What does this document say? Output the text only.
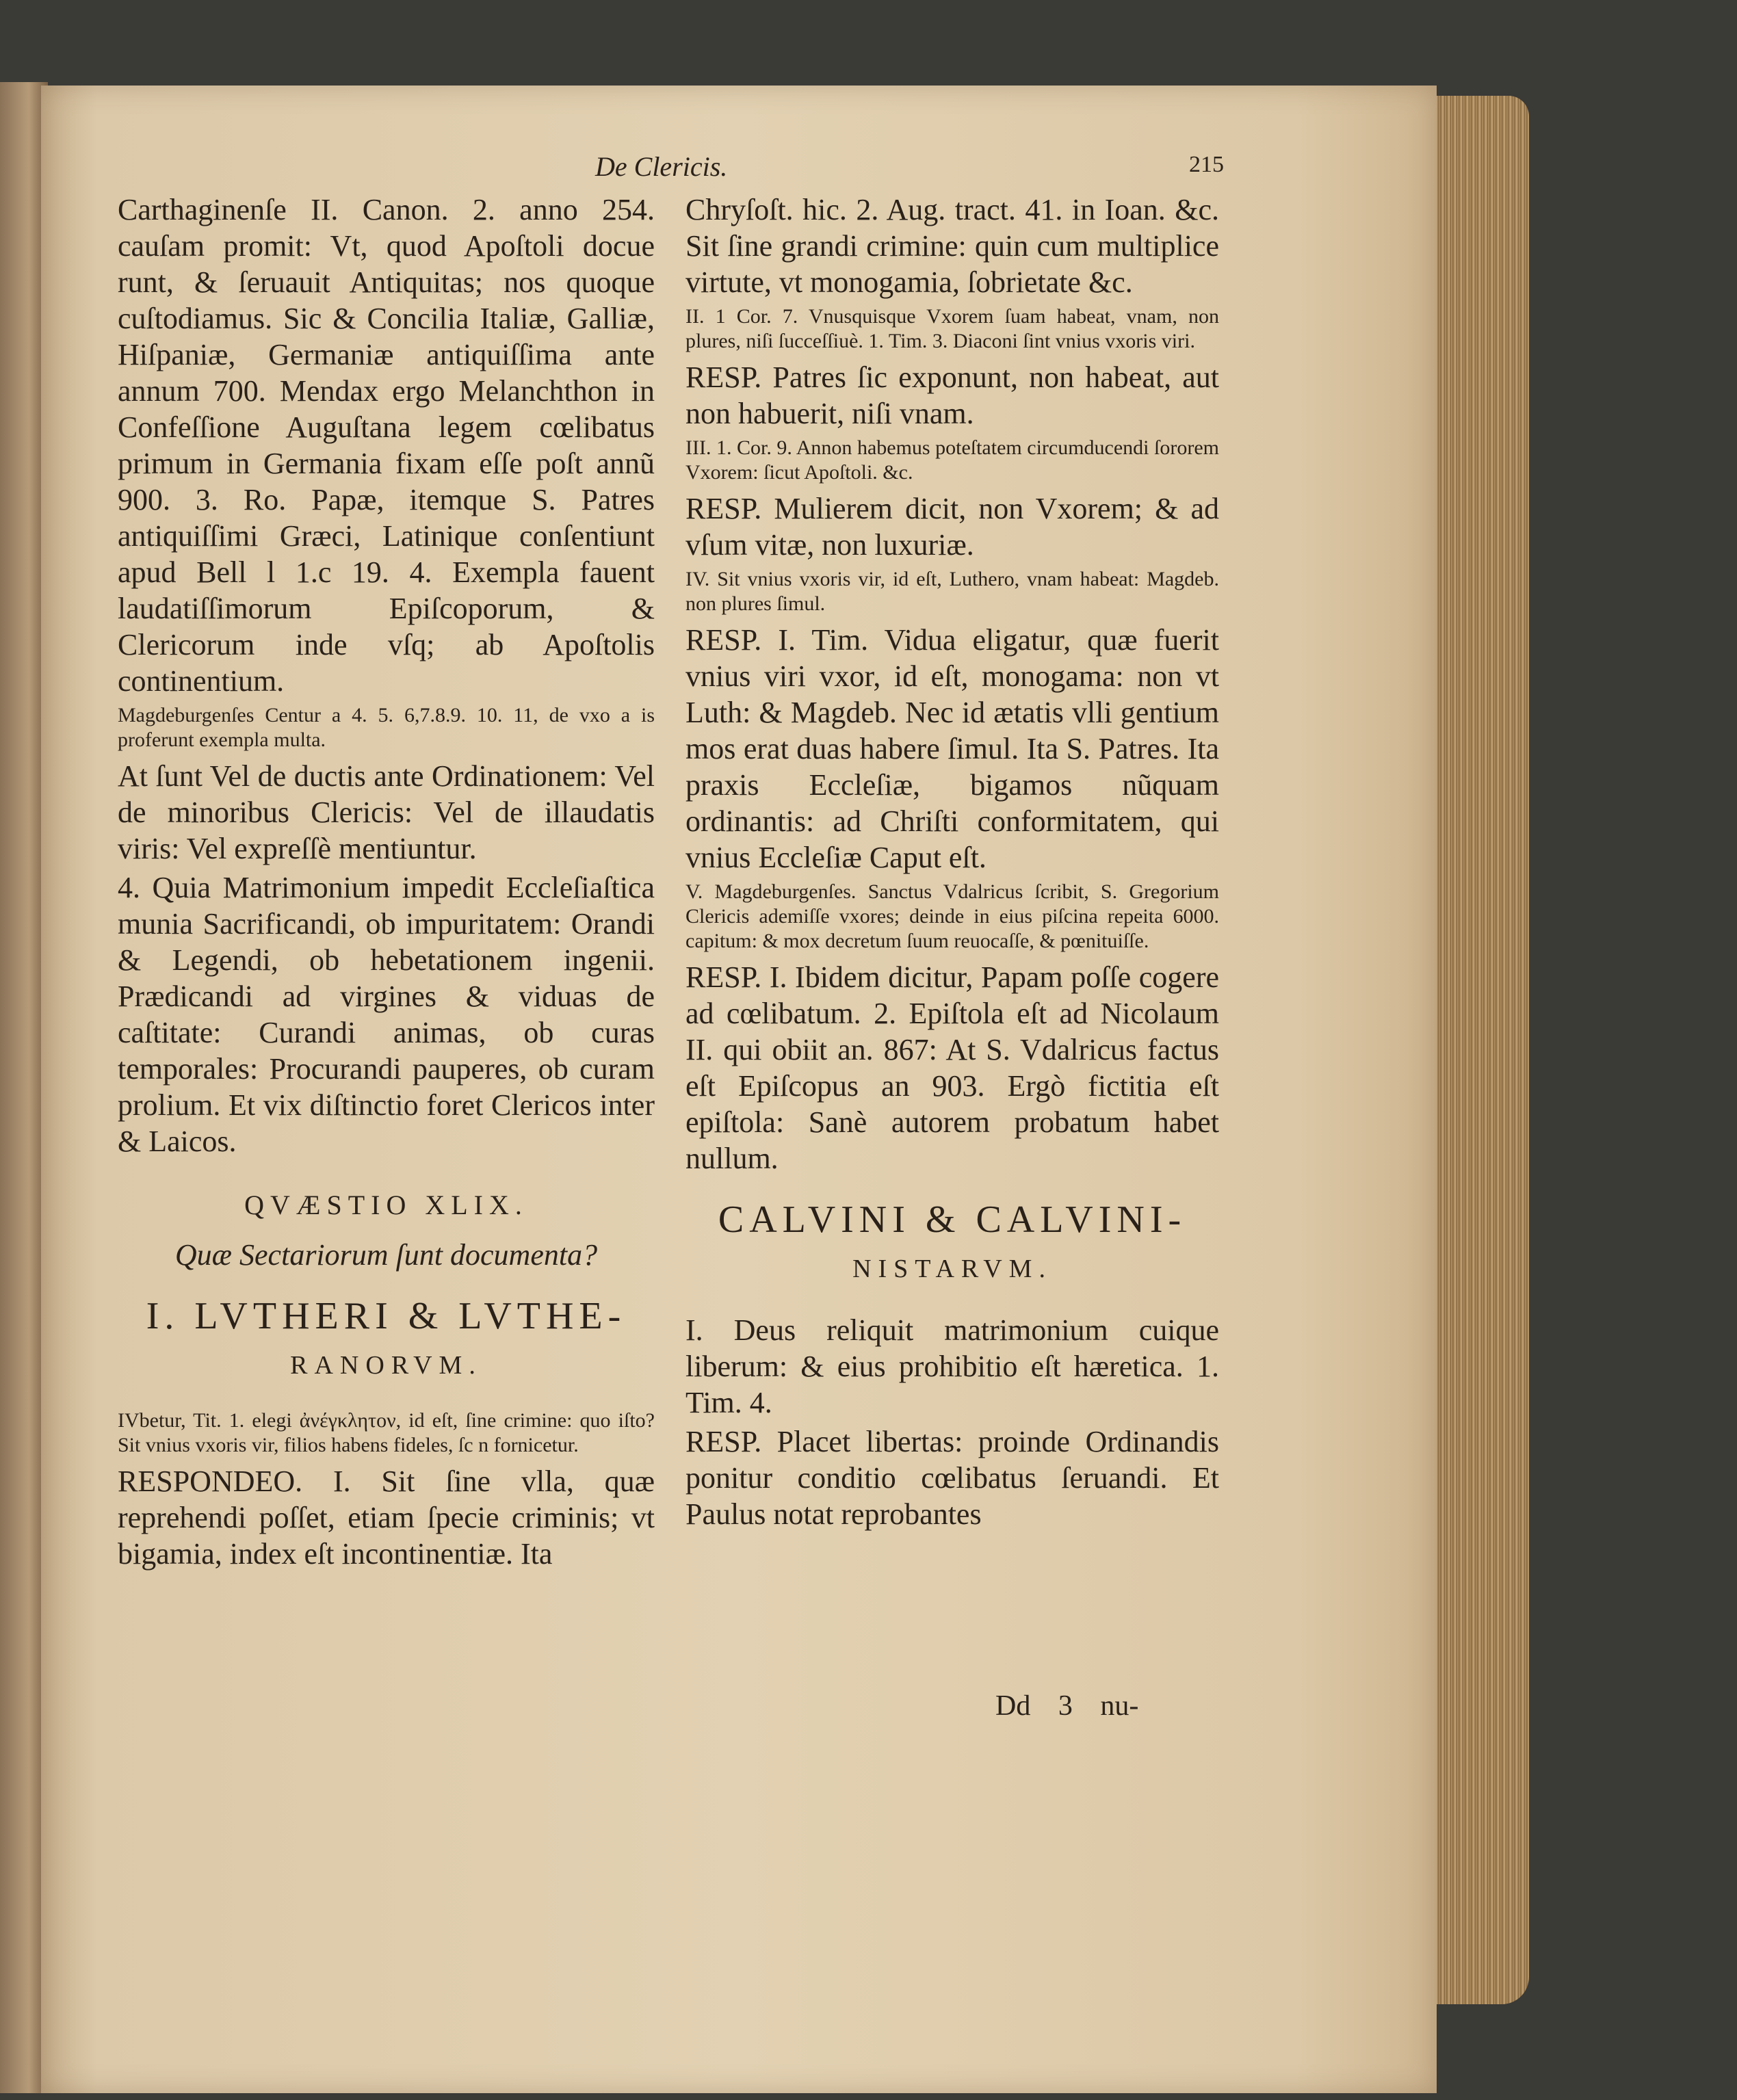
De Clericis.	215

Carthaginenſe II. Canon. 2. anno 254. cauſam promit: Vt, quod Apoſtoli docue runt, & ſeruauit Antiquitas; nos quoque cuſtodiamus. Sic & Concilia Italiæ, Galliæ, Hiſpaniæ, Germaniæ antiquiſſima ante annum 700. Mendax ergo Melanchthon in Confeſſione Auguſtana legem cœlibatus primum in Germania fixam eſſe poſt annũ 900. 3. Ro. Papæ, itemque S. Patres antiquiſſimi Græci, Latinique conſentiunt apud Bell l 1.c 19. 4. Exempla fauent laudatiſſimorum Epiſcoporum, & Clericorum inde vſq; ab Apoſtolis continentium.

Magdeburgenſes Centur a 4. 5. 6,7.8.9. 10. 11, de vxo a is proferunt exempla multa.

At ſunt Vel de ductis ante Ordinationem: Vel de minoribus Clericis: Vel de illaudatis viris: Vel expreſſè mentiuntur.

4. Quia Matrimonium impedit Eccleſiaſtica munia Sacrificandi, ob impuritatem: Orandi & Legendi, ob hebetationem ingenii. Prædicandi ad virgines & viduas de caſtitate: Curandi animas, ob curas temporales: Procurandi pauperes, ob curam prolium. Et vix diſtinctio foret Clericos inter & Laicos.

QVÆSTIO XLIX.

Quæ Sectariorum ſunt documenta?

I. LVTHERI & LVTHE-
RANORVM.

IVbetur, Tit. 1. elegi ἀνέγκλητον, id eſt, ſine crimine: quo iſto? Sit vnius vxoris vir, filios habens fideles, ſc n fornicetur.

RESPONDEO. I. Sit ſine vlla, quæ reprehendi poſſet, etiam ſpecie criminis; vt bigamia, index eſt incontinentiæ. Ita

Chryſoſt. hic. 2. Aug. tract. 41. in Ioan. &c. Sit ſine grandi crimine: quin cum multiplice virtute, vt monogamia, ſobrietate &c.

II. 1 Cor. 7. Vnusquisque Vxorem ſuam habeat, vnam, non plures, niſi ſucceſſiuè. 1. Tim. 3. Diaconi ſint vnius vxoris viri.

RESP. Patres ſic exponunt, non habeat, aut non habuerit, niſi vnam.

III. 1. Cor. 9. Annon habemus poteſtatem circumducendi ſororem Vxorem: ſicut Apoſtoli. &c.

RESP. Mulierem dicit, non Vxorem; & ad vſum vitæ, non luxuriæ.

IV. Sit vnius vxoris vir, id eſt, Luthero, vnam habeat: Magdeb. non plures ſimul.

RESP. I. Tim. Vidua eligatur, quæ fuerit vnius viri vxor, id eſt, monogama: non vt Luth: & Magdeb. Nec id ætatis vlli gentium mos erat duas habere ſimul. Ita S. Patres. Ita praxis Eccleſiæ, bigamos nũquam ordinantis: ad Chriſti conformitatem, qui vnius Eccleſiæ Caput eſt.

V. Magdeburgenſes. Sanctus Vdalricus ſcribit, S. Gregorium Clericis ademiſſe vxores; deinde in eius piſcina repeita 6000. capitum: & mox decretum ſuum reuocaſſe, & pœnituiſſe.

RESP. I. Ibidem dicitur, Papam poſſe cogere ad cœlibatum. 2. Epiſtola eſt ad Nicolaum II. qui obiit an. 867: At S. Vdalricus factus eſt Epiſcopus an 903. Ergò fictitia eſt epiſtola: Sanè autorem probatum habet nullum.

CALVINI & CALVINI-
NISTARVM.

I. Deus reliquit matrimonium cuique liberum: & eius prohibitio eſt hæretica. 1. Tim. 4.

RESP. Placet libertas: proinde Ordinandis ponitur conditio cœlibatus ſeruandi. Et Paulus notat reprobantes

Dd 3 nu-
